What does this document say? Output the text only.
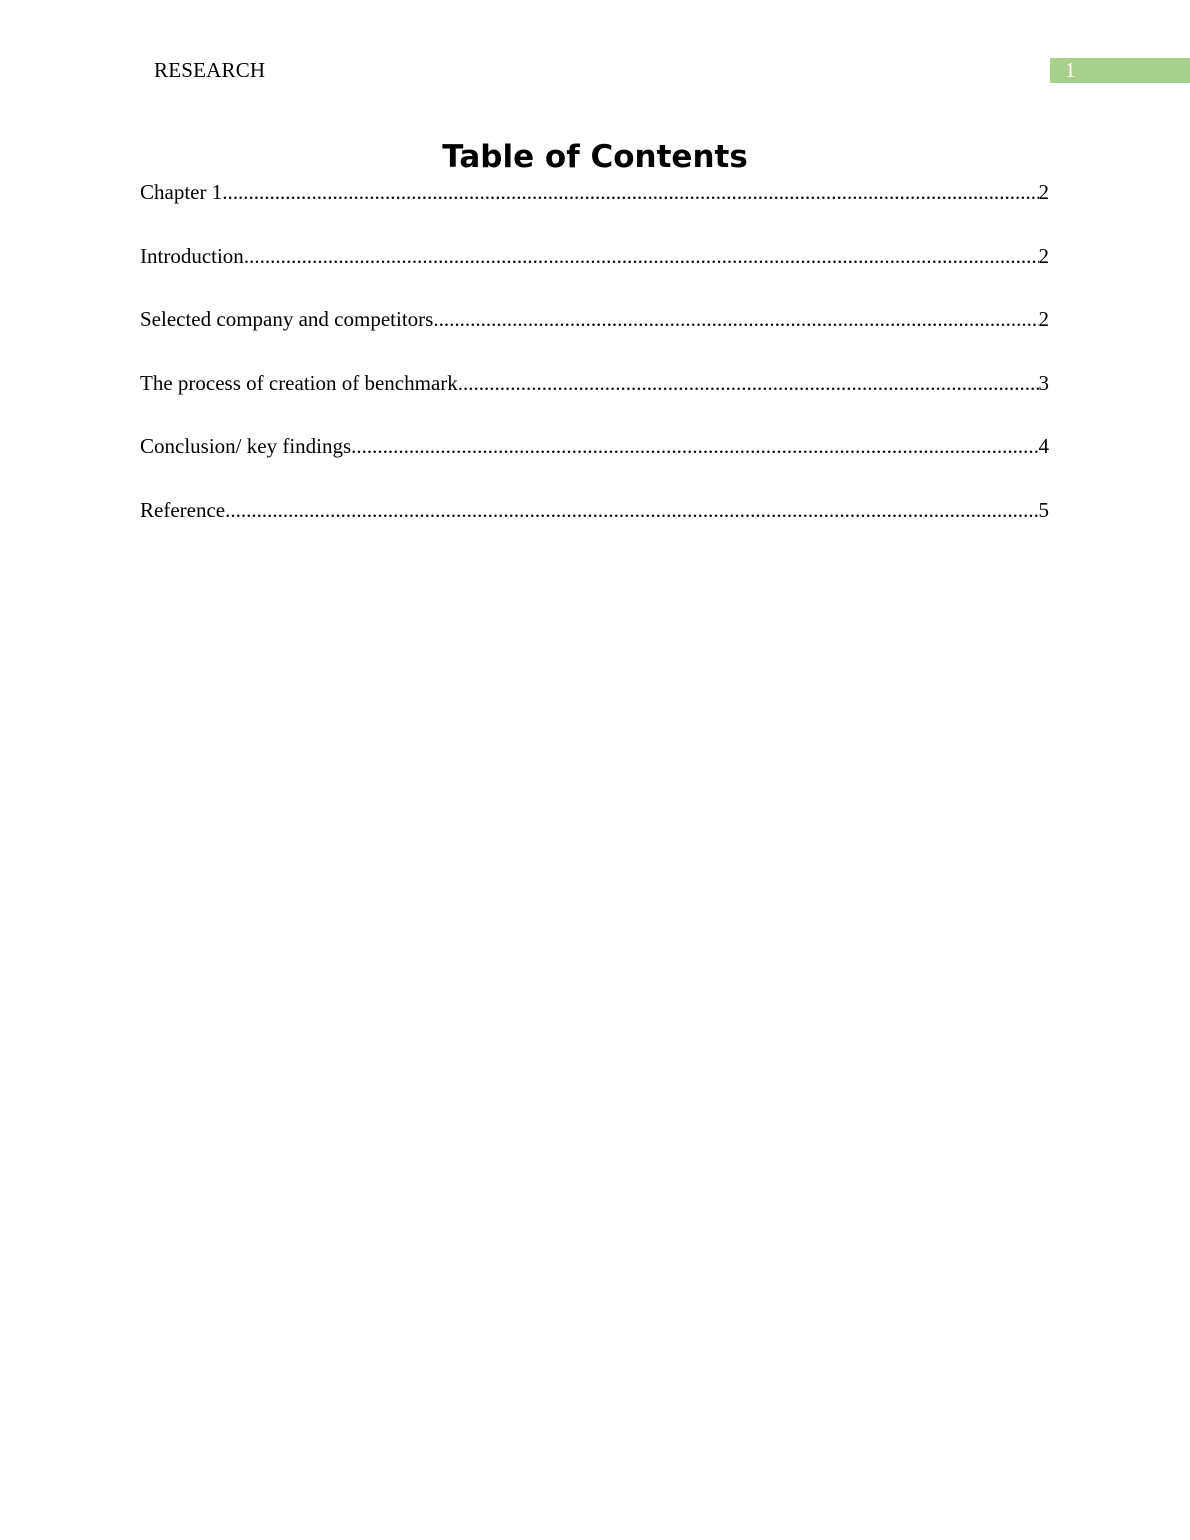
RESEARCH	1
Table of Contents
Chapter 1 .....	2
Introduction .....	2
Selected company and competitors .....	2
The process of creation of benchmark .....	3
Conclusion/ key findings .....	4
Reference .....	5
